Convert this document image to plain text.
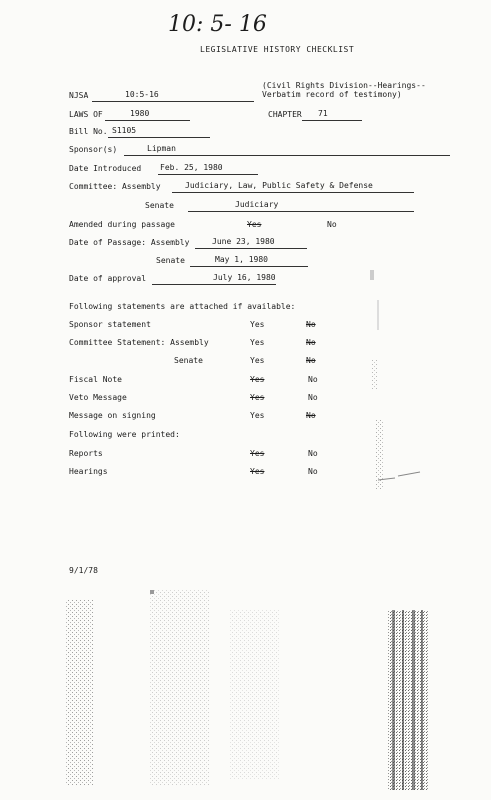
10: 5- 16
LEGISLATIVE HISTORY CHECKLIST
(Civil Rights Division--Hearings--
Verbatim record of testimony)
NJSA	10:5-16
LAWS OF	1980	CHAPTER 71
Bill No. S1105
Sponsor(s)	Lipman
Date Introduced Feb. 25, 1980
Committee: Assembly	Judiciary, Law, Public Safety & Defense
Senate	Judiciary
Amended during passage	Yes	No
Date of Passage: Assembly	June 23, 1980
Senate	May 1, 1980
Date of approval	July 16, 1980
Following statements are attached if available:
Sponsor statement	Yes	No
Committee Statement: Assembly	Yes	No
Senate	Yes	No
Fiscal Note	Yes	No
Veto Message	Yes	No
Message on signing	Yes	No
Following were printed:
Reports	Yes	No
Hearings	Yes	No
9/1/78
